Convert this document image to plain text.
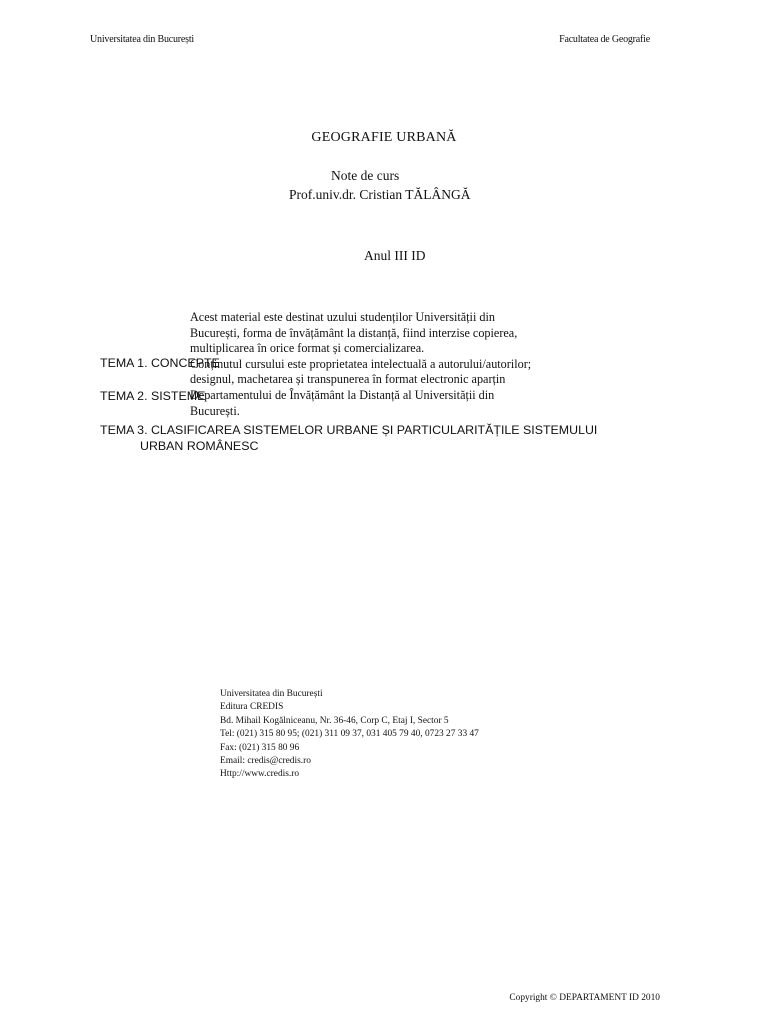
Universitatea din București	Facultatea de Geografie
GEOGRAFIE URBANĂ
Note de curs
Prof.univ.dr. Cristian TĂLÂNGĂ
Anul III ID
TEMA 1. CONCEPTE
TEMA 2. SISTEME
TEMA 3. CLASIFICAREA SISTEMELOR URBANE ȘI PARTICULARITĂȚILE SISTEMULUI
URBAN ROMÂNESC

Acest material este destinat uzului studenților Universității din București, forma de învățământ la distanță, fiind interzise copierea, multiplicarea în orice format și comercializarea.

Conținutul cursului este proprietatea intelectuală a autorului/autorilor; designul, machetarea și transpunerea în format electronic aparțin Departamentului de Învățământ la Distanță al Universității din București.

Universitatea din București
Editura CREDIS
Bd. Mihail Kogălniceanu, Nr. 36-46, Corp C, Etaj I, Sector 5
Tel: (021) 315 80 95; (021) 311 09 37, 031 405 79 40, 0723 27 33 47
Fax: (021) 315 80 96
Email: credis@credis.ro
Http://www.credis.ro
Copyright © DEPARTAMENT ID 2010
